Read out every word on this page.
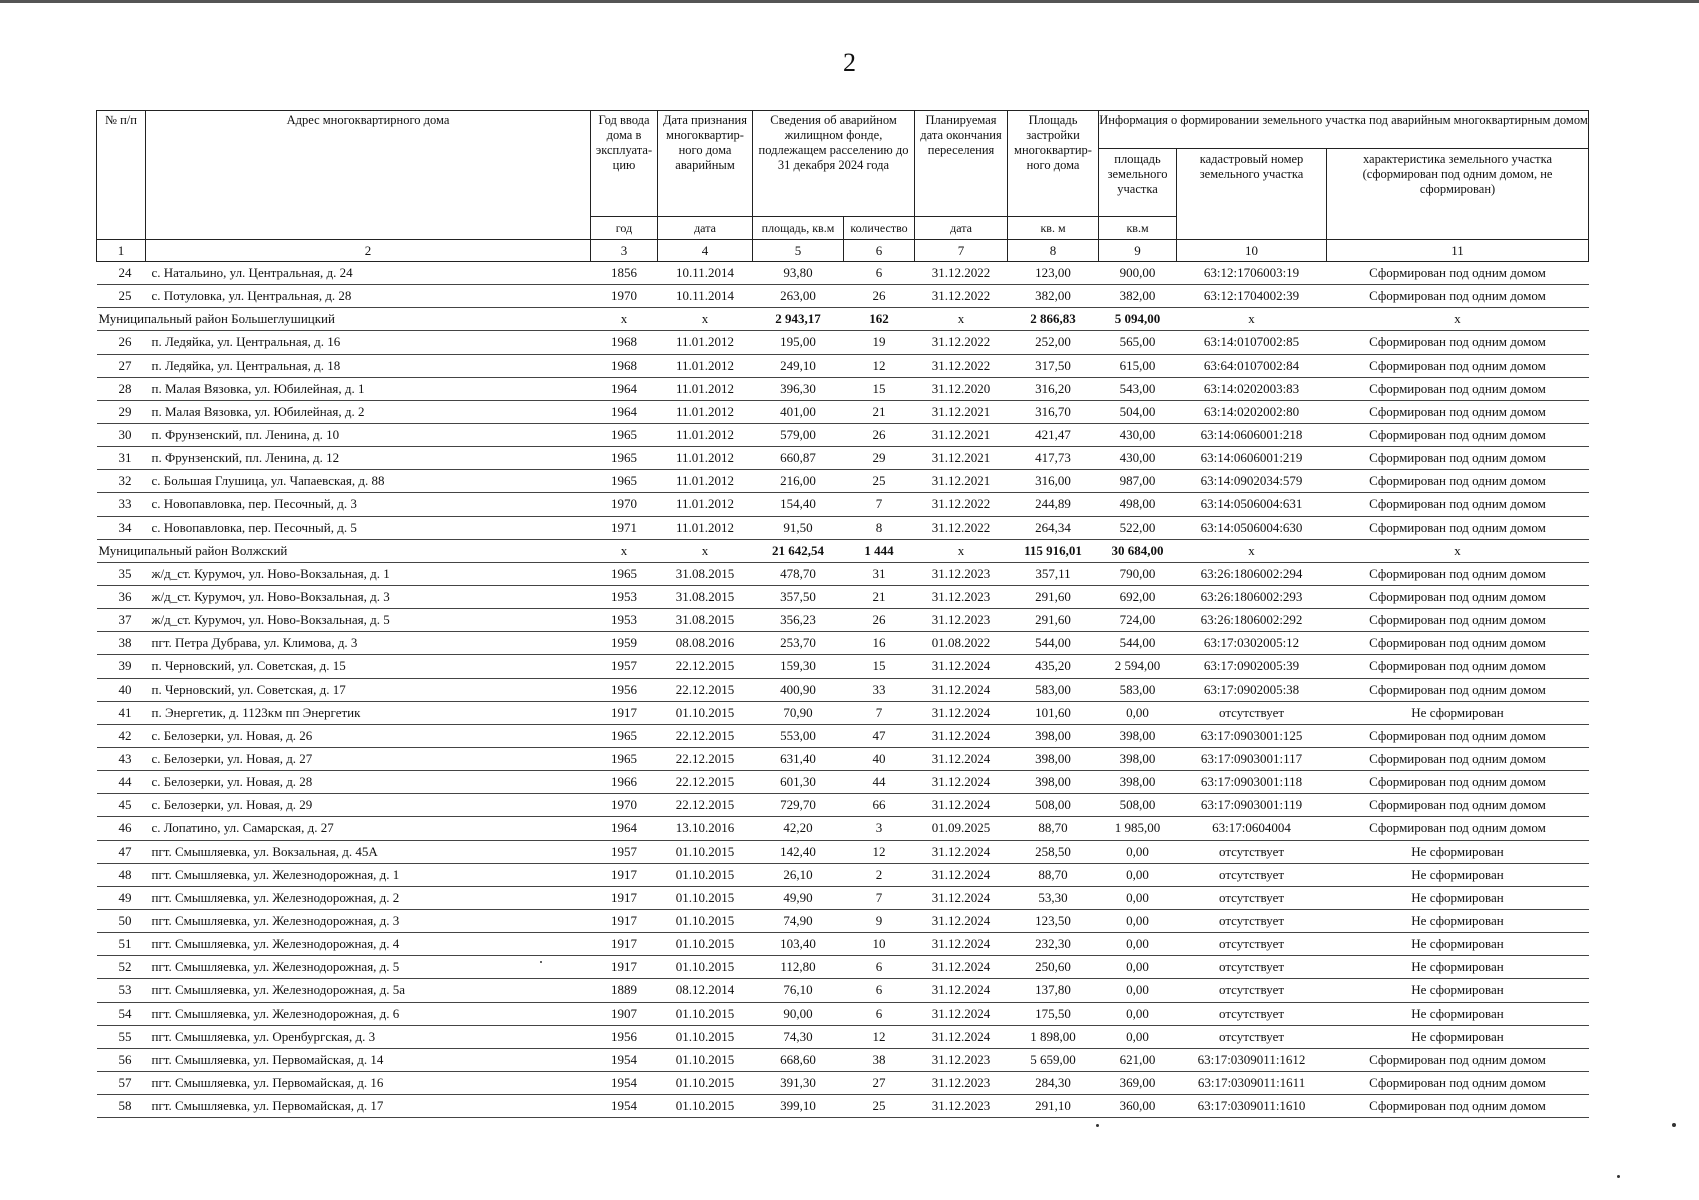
2
№ п/п	Адрес многоквартирного дома	Год ввода дома в эксплуата-цию	Дата признания многоквартир-ного дома аварийным	Сведения об аварийном жилищном фонде, подлежащем расселению до 31 декабря 2024 года		Планируемая дата окончания переселения	Площадь застройки многоквартир-ного дома	Информация о формировании земельного участка под аварийным многоквартирным домом		
								площадь земельного участка	кадастровый номер земельного участка	характеристика земельного участка (сформирован под одним домом, не сформирован)
		год	дата	площадь, кв.м	количество	дата	кв. м	кв.м		
1	2	3	4	5	6	7	8	9	10	11
24	с. Натальино, ул. Центральная, д. 24	1856	10.11.2014	93,80	6	31.12.2022	123,00	900,00	63:12:1706003:19	Сформирован под одним домом
25	с. Потуловка, ул. Центральная, д. 28	1970	10.11.2014	263,00	26	31.12.2022	382,00	382,00	63:12:1704002:39	Сформирован под одним домом
Муниципальный район Большеглушицкий		х	х	2 943,17	162	х	2 866,83	5 094,00	х	х
26	п. Ледяйка, ул. Центральная, д. 16	1968	11.01.2012	195,00	19	31.12.2022	252,00	565,00	63:14:0107002:85	Сформирован под одним домом
27	п. Ледяйка, ул. Центральная, д. 18	1968	11.01.2012	249,10	12	31.12.2022	317,50	615,00	63:64:0107002:84	Сформирован под одним домом
28	п. Малая Вязовка, ул. Юбилейная, д. 1	1964	11.01.2012	396,30	15	31.12.2020	316,20	543,00	63:14:0202003:83	Сформирован под одним домом
29	п. Малая Вязовка, ул. Юбилейная, д. 2	1964	11.01.2012	401,00	21	31.12.2021	316,70	504,00	63:14:0202002:80	Сформирован под одним домом
30	п. Фрунзенский, пл. Ленина, д. 10	1965	11.01.2012	579,00	26	31.12.2021	421,47	430,00	63:14:0606001:218	Сформирован под одним домом
31	п. Фрунзенский, пл. Ленина, д. 12	1965	11.01.2012	660,87	29	31.12.2021	417,73	430,00	63:14:0606001:219	Сформирован под одним домом
32	с. Большая Глушица, ул. Чапаевская, д. 88	1965	11.01.2012	216,00	25	31.12.2021	316,00	987,00	63:14:0902034:579	Сформирован под одним домом
33	с. Новопавловка, пер. Песочный, д. 3	1970	11.01.2012	154,40	7	31.12.2022	244,89	498,00	63:14:0506004:631	Сформирован под одним домом
34	с. Новопавловка, пер. Песочный, д. 5	1971	11.01.2012	91,50	8	31.12.2022	264,34	522,00	63:14:0506004:630	Сформирован под одним домом
Муниципальный район Волжский		х	х	21 642,54	1 444	х	115 916,01	30 684,00	х	х
35	ж/д_ст. Курумоч, ул. Ново-Вокзальная, д. 1	1965	31.08.2015	478,70	31	31.12.2023	357,11	790,00	63:26:1806002:294	Сформирован под одним домом
36	ж/д_ст. Курумоч, ул. Ново-Вокзальная, д. 3	1953	31.08.2015	357,50	21	31.12.2023	291,60	692,00	63:26:1806002:293	Сформирован под одним домом
37	ж/д_ст. Курумоч, ул. Ново-Вокзальная, д. 5	1953	31.08.2015	356,23	26	31.12.2023	291,60	724,00	63:26:1806002:292	Сформирован под одним домом
38	пгт. Петра Дубрава, ул. Климова, д. 3	1959	08.08.2016	253,70	16	01.08.2022	544,00	544,00	63:17:0302005:12	Сформирован под одним домом
39	п. Черновский, ул. Советская, д. 15	1957	22.12.2015	159,30	15	31.12.2024	435,20	2 594,00	63:17:0902005:39	Сформирован под одним домом
40	п. Черновский, ул. Советская, д. 17	1956	22.12.2015	400,90	33	31.12.2024	583,00	583,00	63:17:0902005:38	Сформирован под одним домом
41	п. Энергетик, д. 1123км пп Энергетик	1917	01.10.2015	70,90	7	31.12.2024	101,60	0,00	отсутствует	Не сформирован
42	с. Белозерки, ул. Новая, д. 26	1965	22.12.2015	553,00	47	31.12.2024	398,00	398,00	63:17:0903001:125	Сформирован под одним домом
43	с. Белозерки, ул. Новая, д. 27	1965	22.12.2015	631,40	40	31.12.2024	398,00	398,00	63:17:0903001:117	Сформирован под одним домом
44	с. Белозерки, ул. Новая, д. 28	1966	22.12.2015	601,30	44	31.12.2024	398,00	398,00	63:17:0903001:118	Сформирован под одним домом
45	с. Белозерки, ул. Новая, д. 29	1970	22.12.2015	729,70	66	31.12.2024	508,00	508,00	63:17:0903001:119	Сформирован под одним домом
46	с. Лопатино, ул. Самарская, д. 27	1964	13.10.2016	42,20	3	01.09.2025	88,70	1 985,00	63:17:0604004	Сформирован под одним домом
47	пгт. Смышляевка, ул. Вокзальная, д. 45А	1957	01.10.2015	142,40	12	31.12.2024	258,50	0,00	отсутствует	Не сформирован
48	пгт. Смышляевка, ул. Железнодорожная, д. 1	1917	01.10.2015	26,10	2	31.12.2024	88,70	0,00	отсутствует	Не сформирован
49	пгт. Смышляевка, ул. Железнодорожная, д. 2	1917	01.10.2015	49,90	7	31.12.2024	53,30	0,00	отсутствует	Не сформирован
50	пгт. Смышляевка, ул. Железнодорожная, д. 3	1917	01.10.2015	74,90	9	31.12.2024	123,50	0,00	отсутствует	Не сформирован
51	пгт. Смышляевка, ул. Железнодорожная, д. 4	1917	01.10.2015	103,40	10	31.12.2024	232,30	0,00	отсутствует	Не сформирован
52	пгт. Смышляевка, ул. Железнодорожная, д. 5	1917	01.10.2015	112,80	6	31.12.2024	250,60	0,00	отсутствует	Не сформирован
53	пгт. Смышляевка, ул. Железнодорожная, д. 5а	1889	08.12.2014	76,10	6	31.12.2024	137,80	0,00	отсутствует	Не сформирован
54	пгт. Смышляевка, ул. Железнодорожная, д. 6	1907	01.10.2015	90,00	6	31.12.2024	175,50	0,00	отсутствует	Не сформирован
55	пгт. Смышляевка, ул. Оренбургская, д. 3	1956	01.10.2015	74,30	12	31.12.2024	1 898,00	0,00	отсутствует	Не сформирован
56	пгт. Смышляевка, ул. Первомайская, д. 14	1954	01.10.2015	668,60	38	31.12.2023	5 659,00	621,00	63:17:0309011:1612	Сформирован под одним домом
57	пгт. Смышляевка, ул. Первомайская, д. 16	1954	01.10.2015	391,30	27	31.12.2023	284,30	369,00	63:17:0309011:1611	Сформирован под одним домом
58	пгт. Смышляевка, ул. Первомайская, д. 17	1954	01.10.2015	399,10	25	31.12.2023	291,10	360,00	63:17:0309011:1610	Сформирован под одним домом
